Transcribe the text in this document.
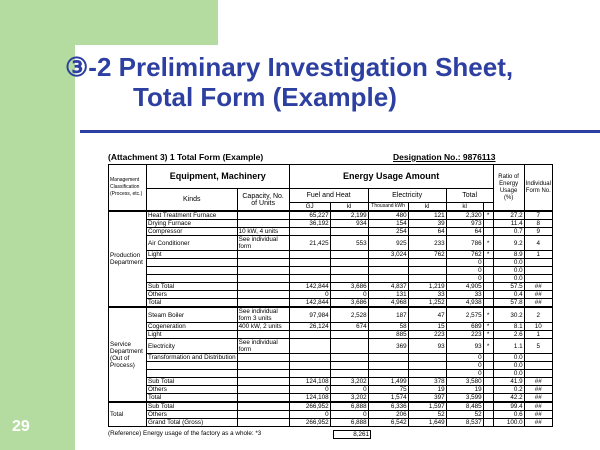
③-2 Preliminary Investigation Sheet,
Total Form (Example)
29
(Attachment 3) 1 Total Form (Example)	Designation No.: 9876113
Management Classification (Process, etc.)	Equipment, Machinery		Energy Usage Amount						Ratio of Energy Usage (%)	Individual Form No.
	Kinds	Capacity, No. of Units	Fuel and Heat		Electricity		Total			
			GJ	kl	Thousand kWh	kl	kl			
Production Department	Heat Treatment Furnace		65,227	2,199	480	121	2,320	*	27.2	7
	Drying Furnace		36,192	934	154	39	973		11.4	8
	Compressor	10 kW, 4 units			254	64	64		0.7	9
	Air Conditioner	See individual form	21,425	553	925	233	786	*	9.2	4
	Light				3,024	762	762	*	8.9	1
							0		0.0	
							0		0.0	
							0		0.0	
	Sub Total		142,844	3,686	4,837	1,219	4,905		57.5	##
	Others		0	0	131	33	33		0.4	##
	Total		142,844	3,686	4,968	1,252	4,938		57.8	##
Service Department (Out of Process)	Steam Boiler	See individual form 3 units	97,984	2,528	187	47	2,575	*	30.2	2
	Cogeneration	400 kW, 2 units	26,124	674	58	15	689	*	8.1	10
	Light				885	223	223	*	2.6	1
	Electricity	See individual form			369	93	93	*	1.1	5
	Transformation and Distribution						0		0.0	
							0		0.0	
							0		0.0	
	Sub Total		124,108	3,202	1,499	378	3,580		41.9	##
	Others		0	0	75	19	19		0.2	##
	Total		124,108	3,202	1,574	397	3,599		42.2	##
Total	Sub Total		266,952	6,888	6,336	1,597	8,485		99.4	##
	Others		0	0	206	52	52		0.6	##
	Grand Total (Gross)		266,952	6,888	6,542	1,649	8,537		100.0	##
(Reference) Energy usage of the factory as a whole: *3	8,261
